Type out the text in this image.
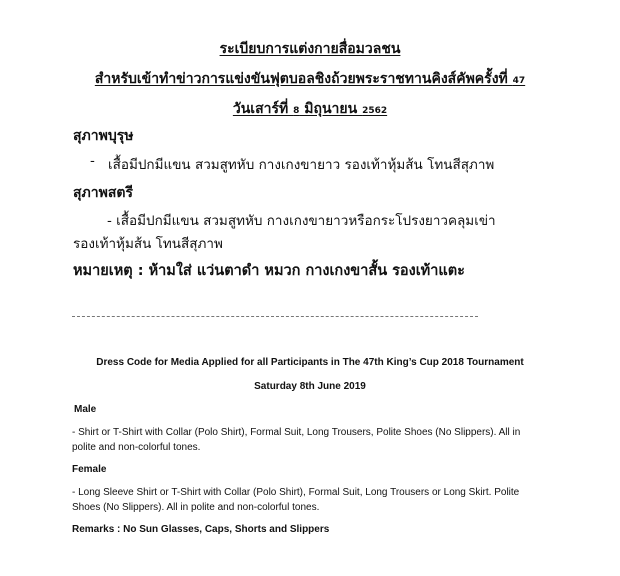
ระเบียบการแต่งกายสื่อมวลชน
สำหรับเข้าทำข่าวการแข่งขันฟุตบอลชิงถ้วยพระราชทานคิงส์คัพครั้งที่ 47
วันเสาร์ที่ 8 มิถุนายน 2562
สุภาพบุรุษ
- เสื้อมีปกมีแขน สวมสูทหับ กางเกงขายาว รองเท้าหุ้มส้น โทนสีสุภาพ
สุภาพสตรี
- เสื้อมีปกมีแขน สวมสูทหับ กางเกงขายาวหรือกระโปรงยาวคลุมเข่า
รองเท้าหุ้มส้น โทนสีสุภาพ
หมายเหตุ : ห้ามใส่ แว่นตาดำ หมวก กางเกงขาสั้น รองเท้าแตะ
Dress Code for Media Applied for all Participants in The 47th King’s Cup 2018 Tournament
Saturday 8th June 2019
Male
- Shirt or T-Shirt with Collar (Polo Shirt), Formal Suit, Long Trousers, Polite Shoes (No Slippers). All in
polite and non-colorful tones.
Female
- Long Sleeve Shirt or T-Shirt with Collar (Polo Shirt), Formal Suit, Long Trousers or Long Skirt. Polite
Shoes (No Slippers). All in polite and non-colorful tones.
Remarks : No Sun Glasses, Caps, Shorts and Slippers
